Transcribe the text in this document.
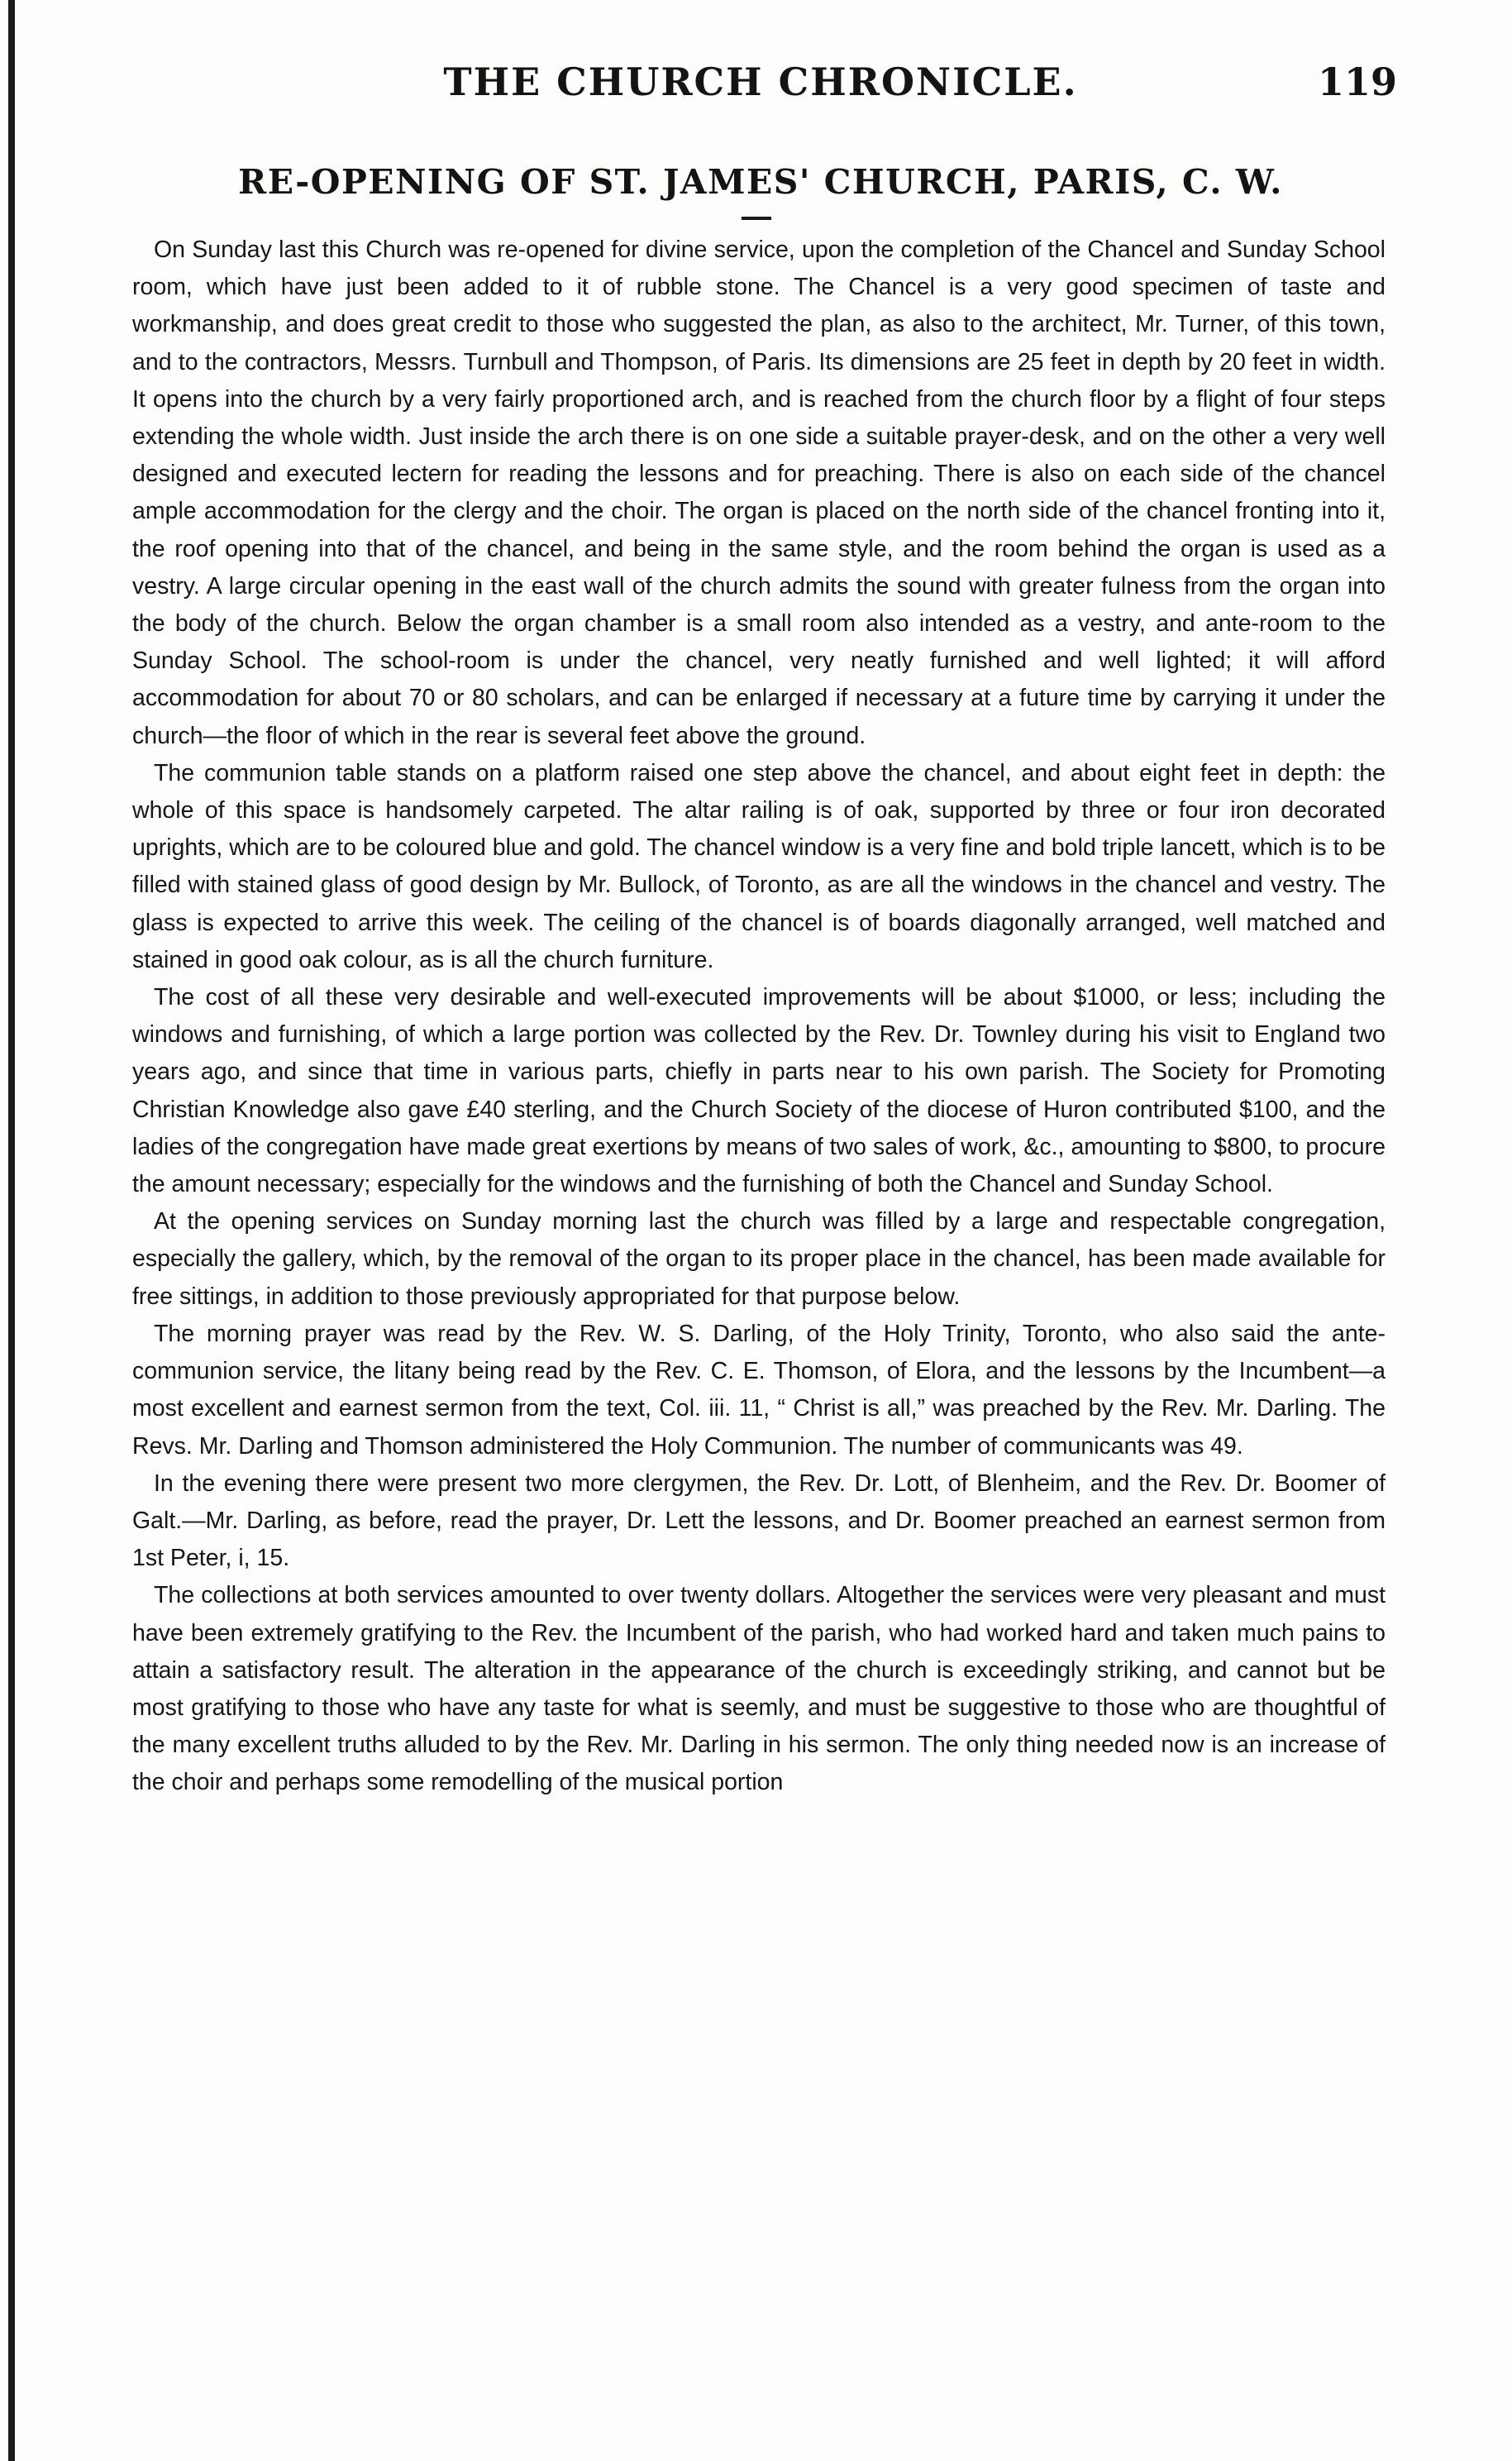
THE CHURCH CHRONICLE.	119
RE-OPENING OF ST. JAMES' CHURCH, PARIS, C. W.

On Sunday last this Church was re-opened for divine service, upon the completion of the Chancel and Sunday School room, which have just been added to it of rubble stone. The Chancel is a very good specimen of taste and workmanship, and does great credit to those who suggested the plan, as also to the architect, Mr. Turner, of this town, and to the contractors, Messrs. Turnbull and Thompson, of Paris. Its dimensions are 25 feet in depth by 20 feet in width. It opens into the church by a very fairly proportioned arch, and is reached from the church floor by a flight of four steps extending the whole width. Just inside the arch there is on one side a suitable prayer-desk, and on the other a very well designed and executed lectern for reading the lessons and for preaching. There is also on each side of the chancel ample accommodation for the clergy and the choir. The organ is placed on the north side of the chancel fronting into it, the roof opening into that of the chancel, and being in the same style, and the room behind the organ is used as a vestry. A large circular opening in the east wall of the church admits the sound with greater fulness from the organ into the body of the church. Below the organ chamber is a small room also intended as a vestry, and ante-room to the Sunday School. The school-room is under the chancel, very neatly furnished and well lighted; it will afford accommodation for about 70 or 80 scholars, and can be enlarged if necessary at a future time by carrying it under the church—the floor of which in the rear is several feet above the ground.

The communion table stands on a platform raised one step above the chancel, and about eight feet in depth: the whole of this space is handsomely carpeted. The altar railing is of oak, supported by three or four iron decorated uprights, which are to be coloured blue and gold. The chancel window is a very fine and bold triple lancett, which is to be filled with stained glass of good design by Mr. Bullock, of Toronto, as are all the windows in the chancel and vestry. The glass is expected to arrive this week. The ceiling of the chancel is of boards diagonally arranged, well matched and stained in good oak colour, as is all the church furniture.

The cost of all these very desirable and well-executed improvements will be about $1000, or less; including the windows and furnishing, of which a large portion was collected by the Rev. Dr. Townley during his visit to England two years ago, and since that time in various parts, chiefly in parts near to his own parish. The Society for Promoting Christian Knowledge also gave £40 sterling, and the Church Society of the diocese of Huron contributed $100, and the ladies of the congregation have made great exertions by means of two sales of work, &c., amounting to $800, to procure the amount necessary; especially for the windows and the furnishing of both the Chancel and Sunday School.

At the opening services on Sunday morning last the church was filled by a large and respectable congregation, especially the gallery, which, by the removal of the organ to its proper place in the chancel, has been made available for free sittings, in addition to those previously appropriated for that purpose below.

The morning prayer was read by the Rev. W. S. Darling, of the Holy Trinity, Toronto, who also said the ante-communion service, the litany being read by the Rev. C. E. Thomson, of Elora, and the lessons by the Incumbent—a most excellent and earnest sermon from the text, Col. iii. 11, “ Christ is all,” was preached by the Rev. Mr. Darling. The Revs. Mr. Darling and Thomson administered the Holy Communion. The number of communicants was 49.

In the evening there were present two more clergymen, the Rev. Dr. Lott, of Blenheim, and the Rev. Dr. Boomer of Galt.—Mr. Darling, as before, read the prayer, Dr. Lett the lessons, and Dr. Boomer preached an earnest sermon from 1st Peter, i, 15.

The collections at both services amounted to over twenty dollars. Altogether the services were very pleasant and must have been extremely gratifying to the Rev. the Incumbent of the parish, who had worked hard and taken much pains to attain a satisfactory result. The alteration in the appearance of the church is exceedingly striking, and cannot but be most gratifying to those who have any taste for what is seemly, and must be suggestive to those who are thoughtful of the many excellent truths alluded to by the Rev. Mr. Darling in his sermon. The only thing needed now is an increase of the choir and perhaps some remodelling of the musical portion
